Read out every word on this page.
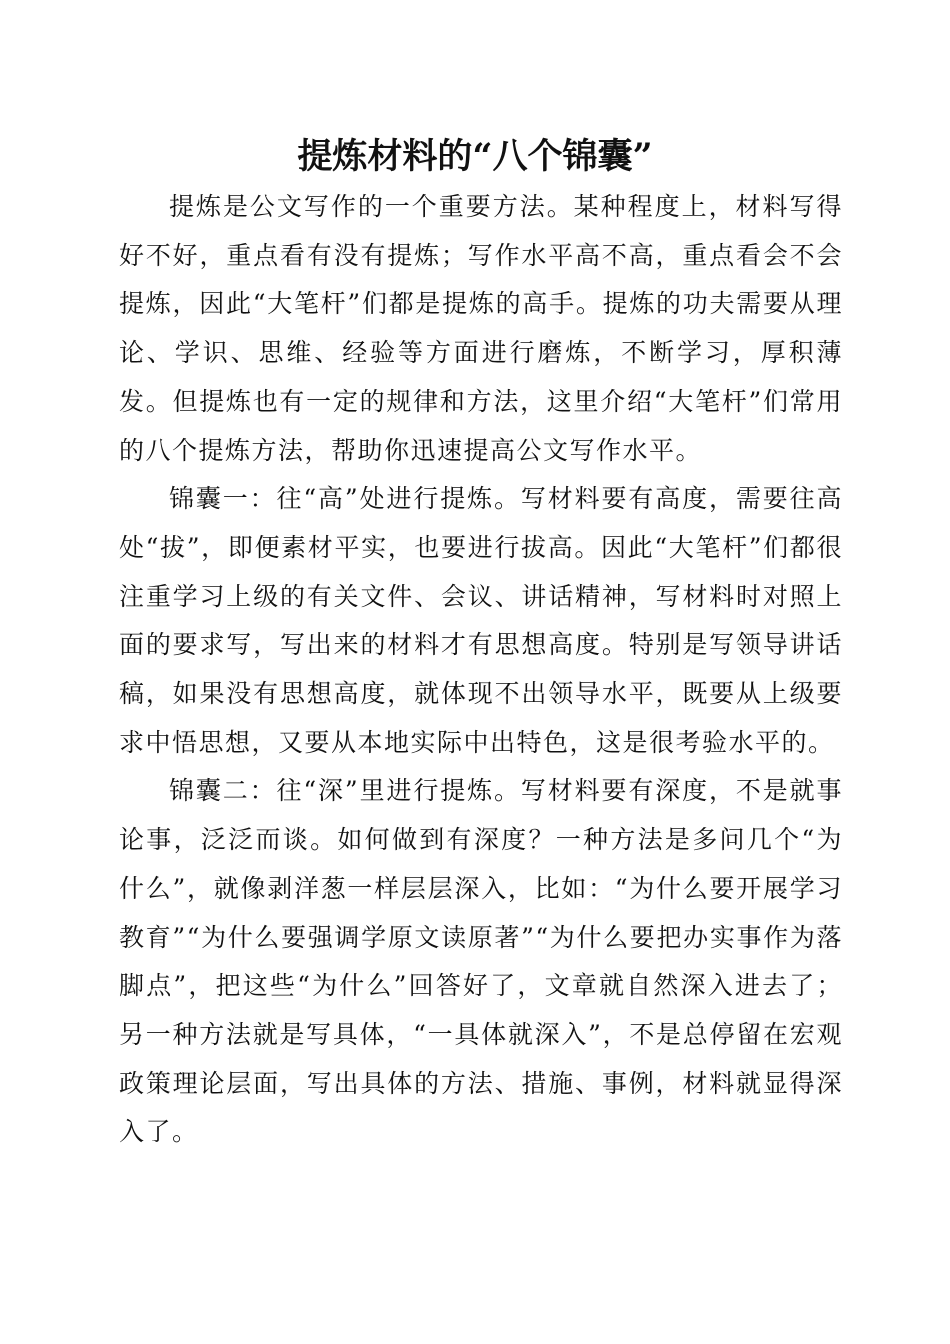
提炼材料的“八个锦囊”

提炼是公文写作的一个重要方法。某种程度上，材料写得好不好，重点看有没有提炼；写作水平高不高，重点看会不会提炼，因此“大笔杆”们都是提炼的高手。提炼的功夫需要从理论、学识、思维、经验等方面进行磨炼，不断学习，厚积薄发。但提炼也有一定的规律和方法，这里介绍“大笔杆”们常用的八个提炼方法，帮助你迅速提高公文写作水平。

锦囊一：往“高”处进行提炼。写材料要有高度，需要往高处“拔”，即便素材平实，也要进行拔高。因此“大笔杆”们都很注重学习上级的有关文件、会议、讲话精神，写材料时对照上面的要求写，写出来的材料才有思想高度。特别是写领导讲话稿，如果没有思想高度，就体现不出领导水平，既要从上级要求中悟思想，又要从本地实际中出特色，这是很考验水平的。

锦囊二：往“深”里进行提炼。写材料要有深度，不是就事论事，泛泛而谈。如何做到有深度？一种方法是多问几个“为什么”，就像剥洋葱一样层层深入，比如：“为什么要开展学习教育”“为什么要强调学原文读原著”“为什么要把办实事作为落脚点”，把这些“为什么”回答好了，文章就自然深入进去了；另一种方法就是写具体，“一具体就深入”，不是总停留在宏观政策理论层面，写出具体的方法、措施、事例，材料就显得深入了。
